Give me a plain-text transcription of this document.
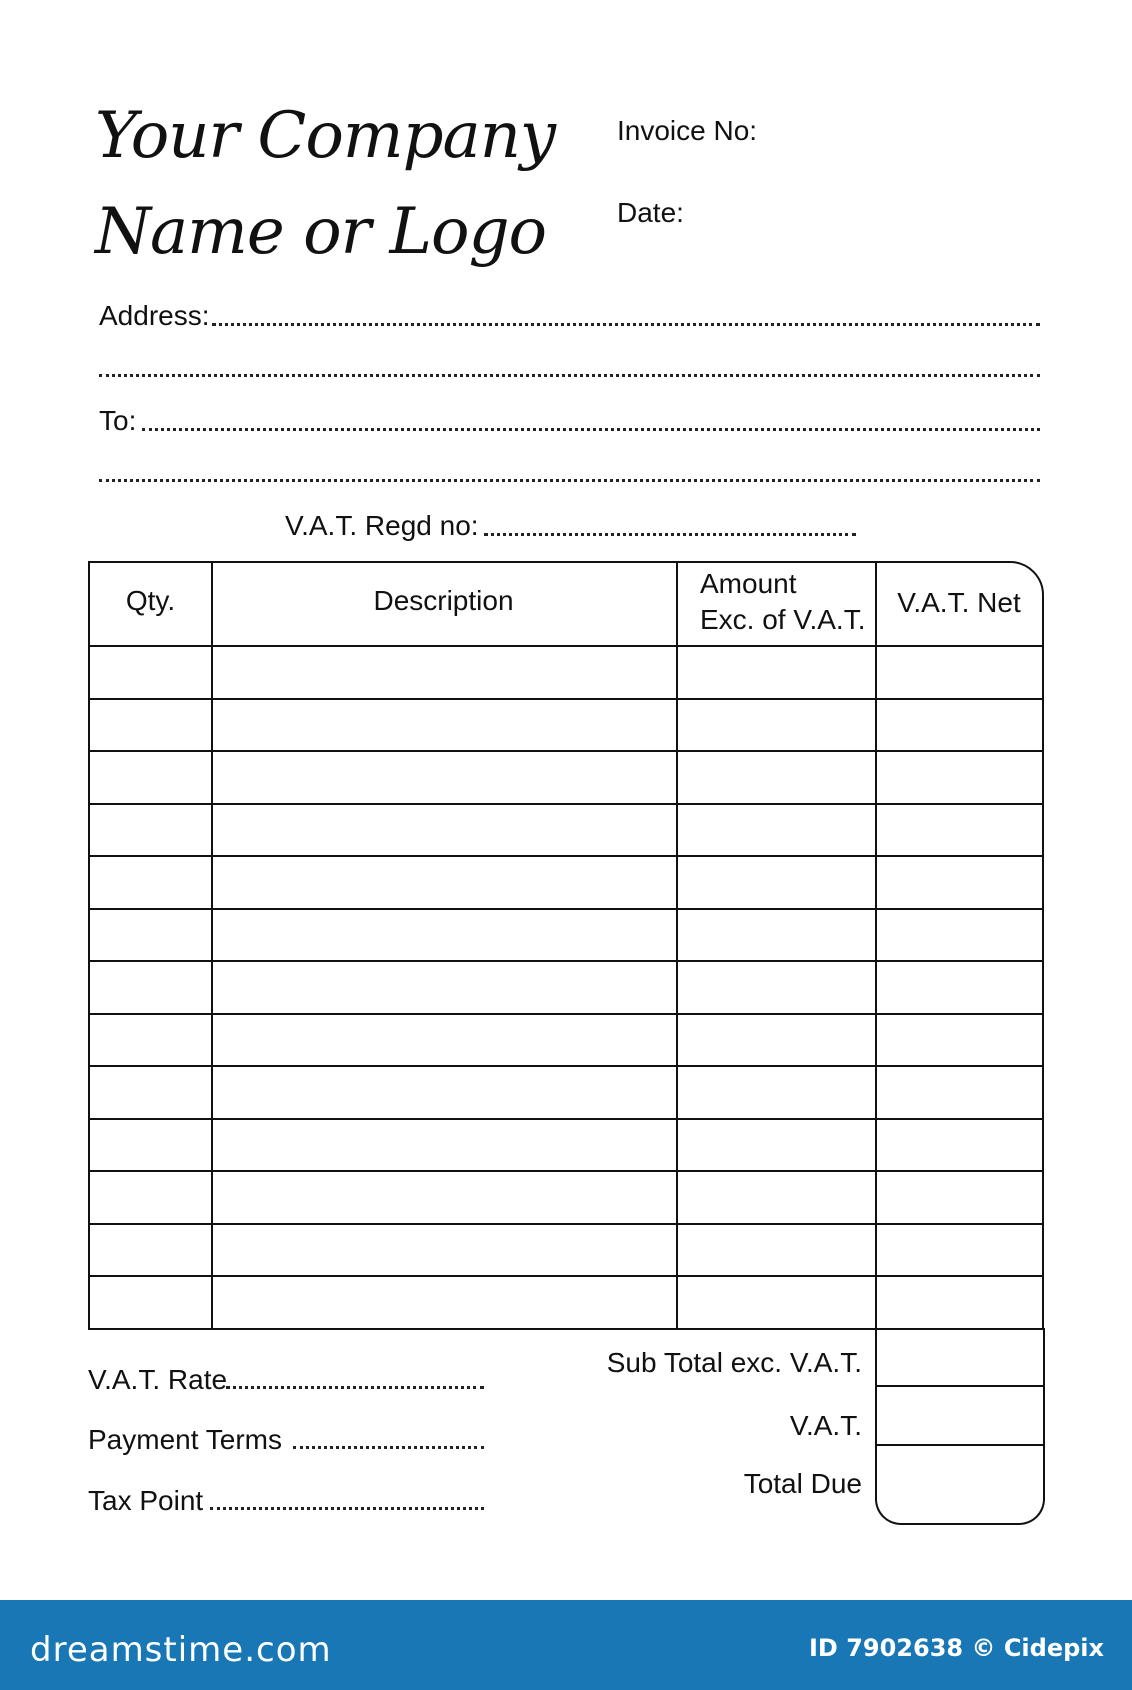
Your Company
Name or Logo
Invoice No:
Date:
Address:
To:
V.A.T. Regd no:
Qty.	Description
Amount
Exc. of V.A.T.
V.A.T. Net
Sub Total exc. V.A.T.
V.A.T.
Total Due
V.A.T. Rate
Payment Terms
Tax Point
dreamstime.com	ID 7902638 © Cidepix
